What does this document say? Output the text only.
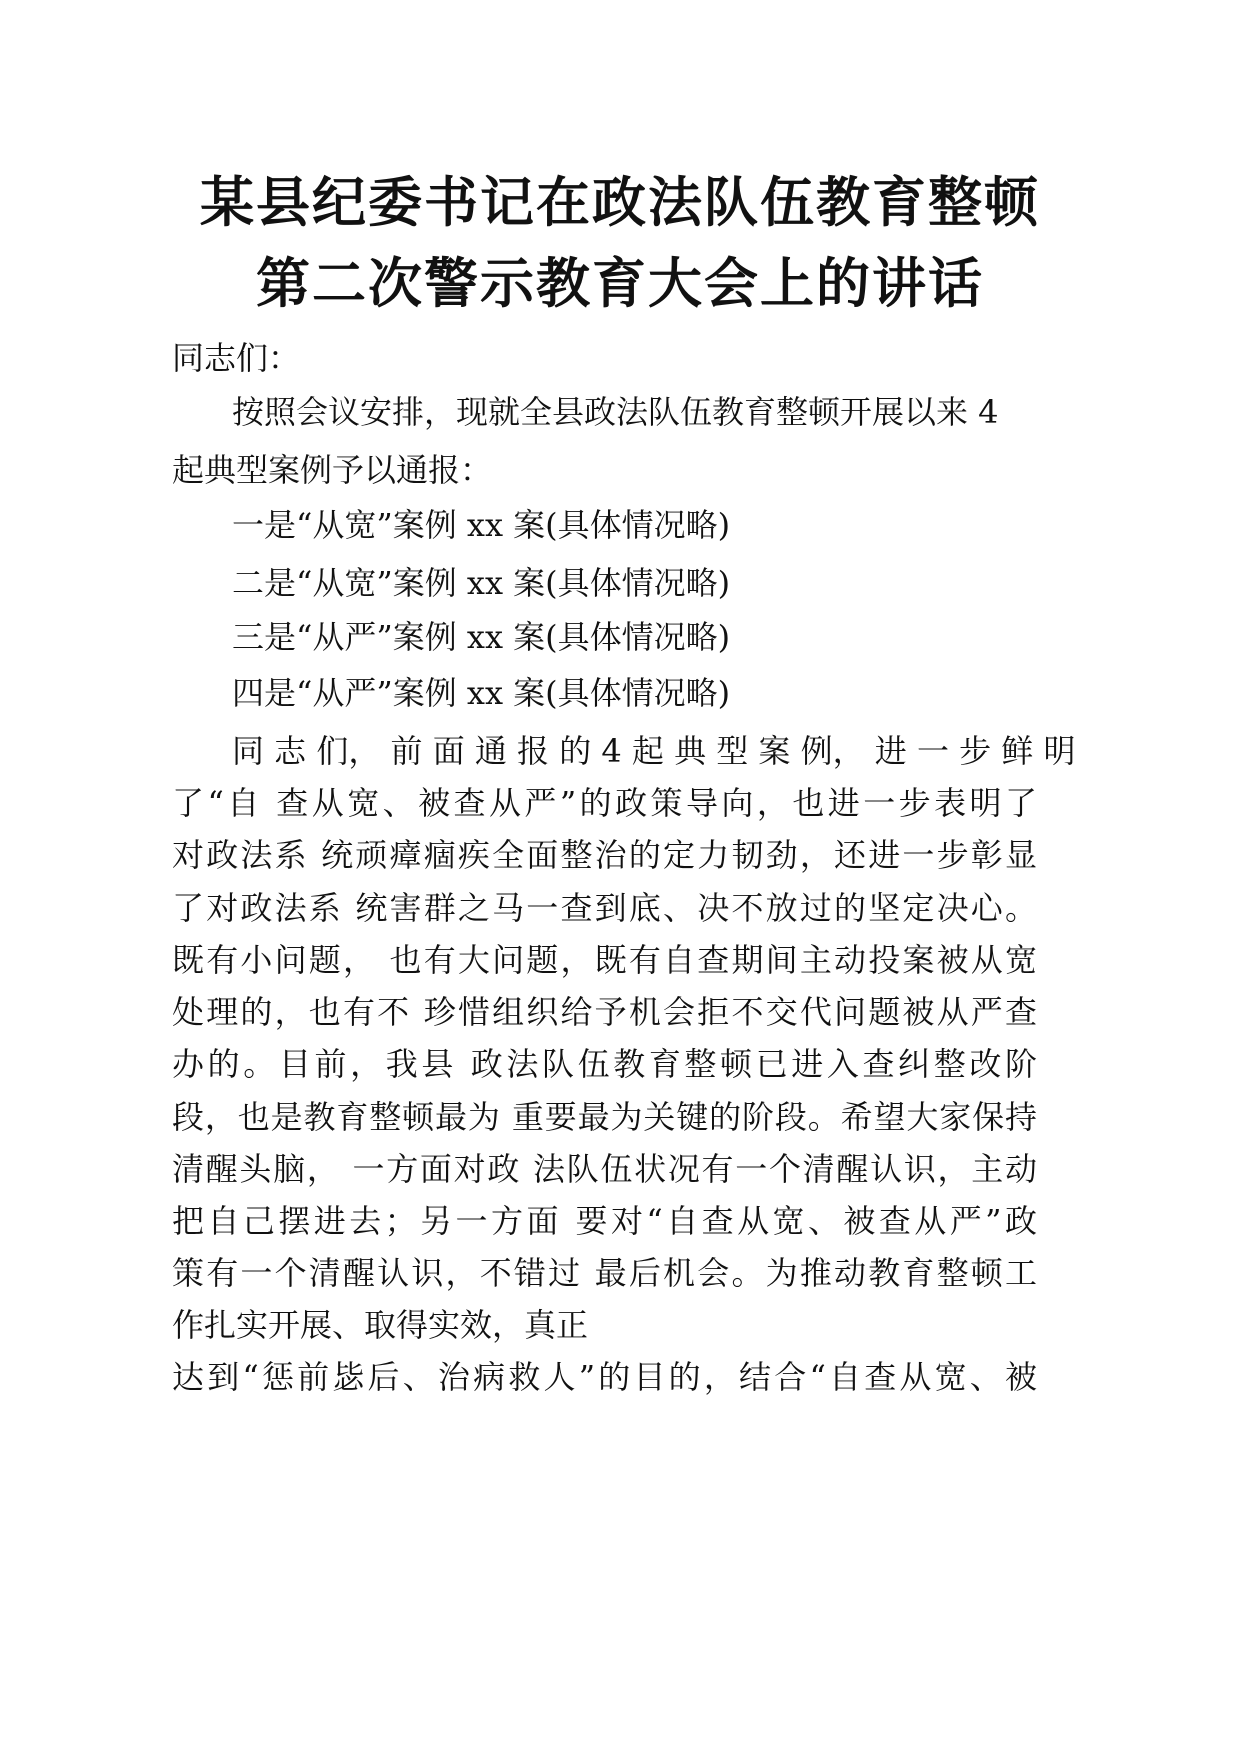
某县纪委书记在政法队伍教育整顿
第二次警示教育大会上的讲话
同志们：
按照会议安排，现就全县政法队伍教育整顿开展以来 4
起典型案例予以通报：
一是“从宽”案例 xx 案(具体情况略)
二是“从宽”案例 xx 案(具体情况略)
三是“从严”案例 xx 案(具体情况略)
四是“从严”案例 xx 案(具体情况略)
同 志 们， 前 面 通 报 的 4 起 典 型 案 例， 进 一 步 鲜 明
了“自 查从宽、被查从严”的政策导向，也进一步表明了
对政法系 统顽瘴痼疾全面整治的定力韧劲，还进一步彰显
了对政法系 统害群之马一查到底、决不放过的坚定决心。
既有小问题， 也有大问题，既有自查期间主动投案被从宽
处理的，也有不 珍惜组织给予机会拒不交代问题被从严查
办的。目前，我县 政法队伍教育整顿已进入查纠整改阶
段，也是教育整顿最为 重要最为关键的阶段。希望大家保持
清醒头脑， 一方面对政 法队伍状况有一个清醒认识，主动
把自己摆进去；另一方面 要对“自查从宽、被查从严”政
策有一个清醒认识，不错过 最后机会。为推动教育整顿工
作扎实开展、取得实效，真正
达到“惩前毖后、治病救人”的目的，结合“自查从宽、被
